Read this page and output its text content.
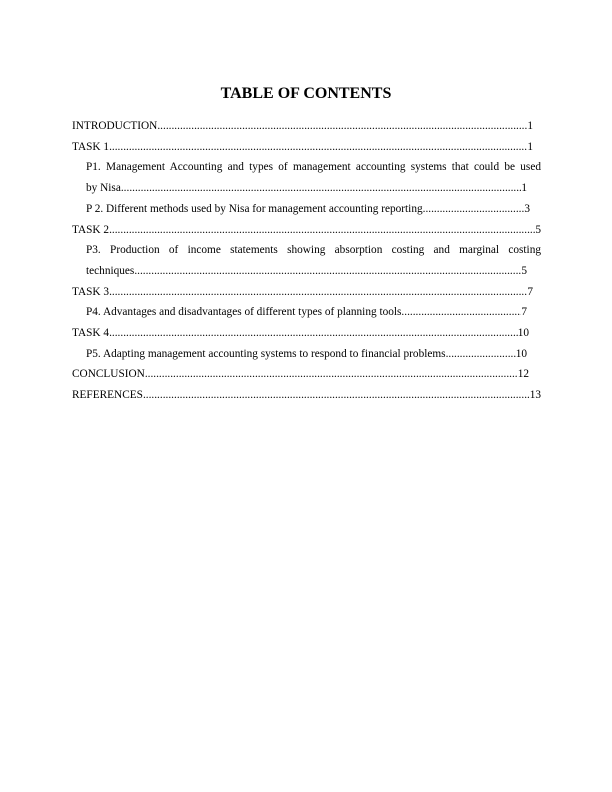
TABLE OF CONTENTS
INTRODUCTION .....	1
TASK 1 .....	1
P1. Management Accounting and types of management accounting systems that could be used
by Nisa .....	1
P 2. Different methods used by Nisa for management accounting reporting .....	3
TASK 2 .....	5
P3. Production of income statements showing absorption costing and marginal costing
techniques .....	5
TASK 3 .....	7
P4. Advantages and disadvantages of different types of planning tools .....	7
TASK 4 .....	10
P5. Adapting management accounting systems to respond to financial problems .....	10
CONCLUSION .....	12
REFERENCES .....	13
